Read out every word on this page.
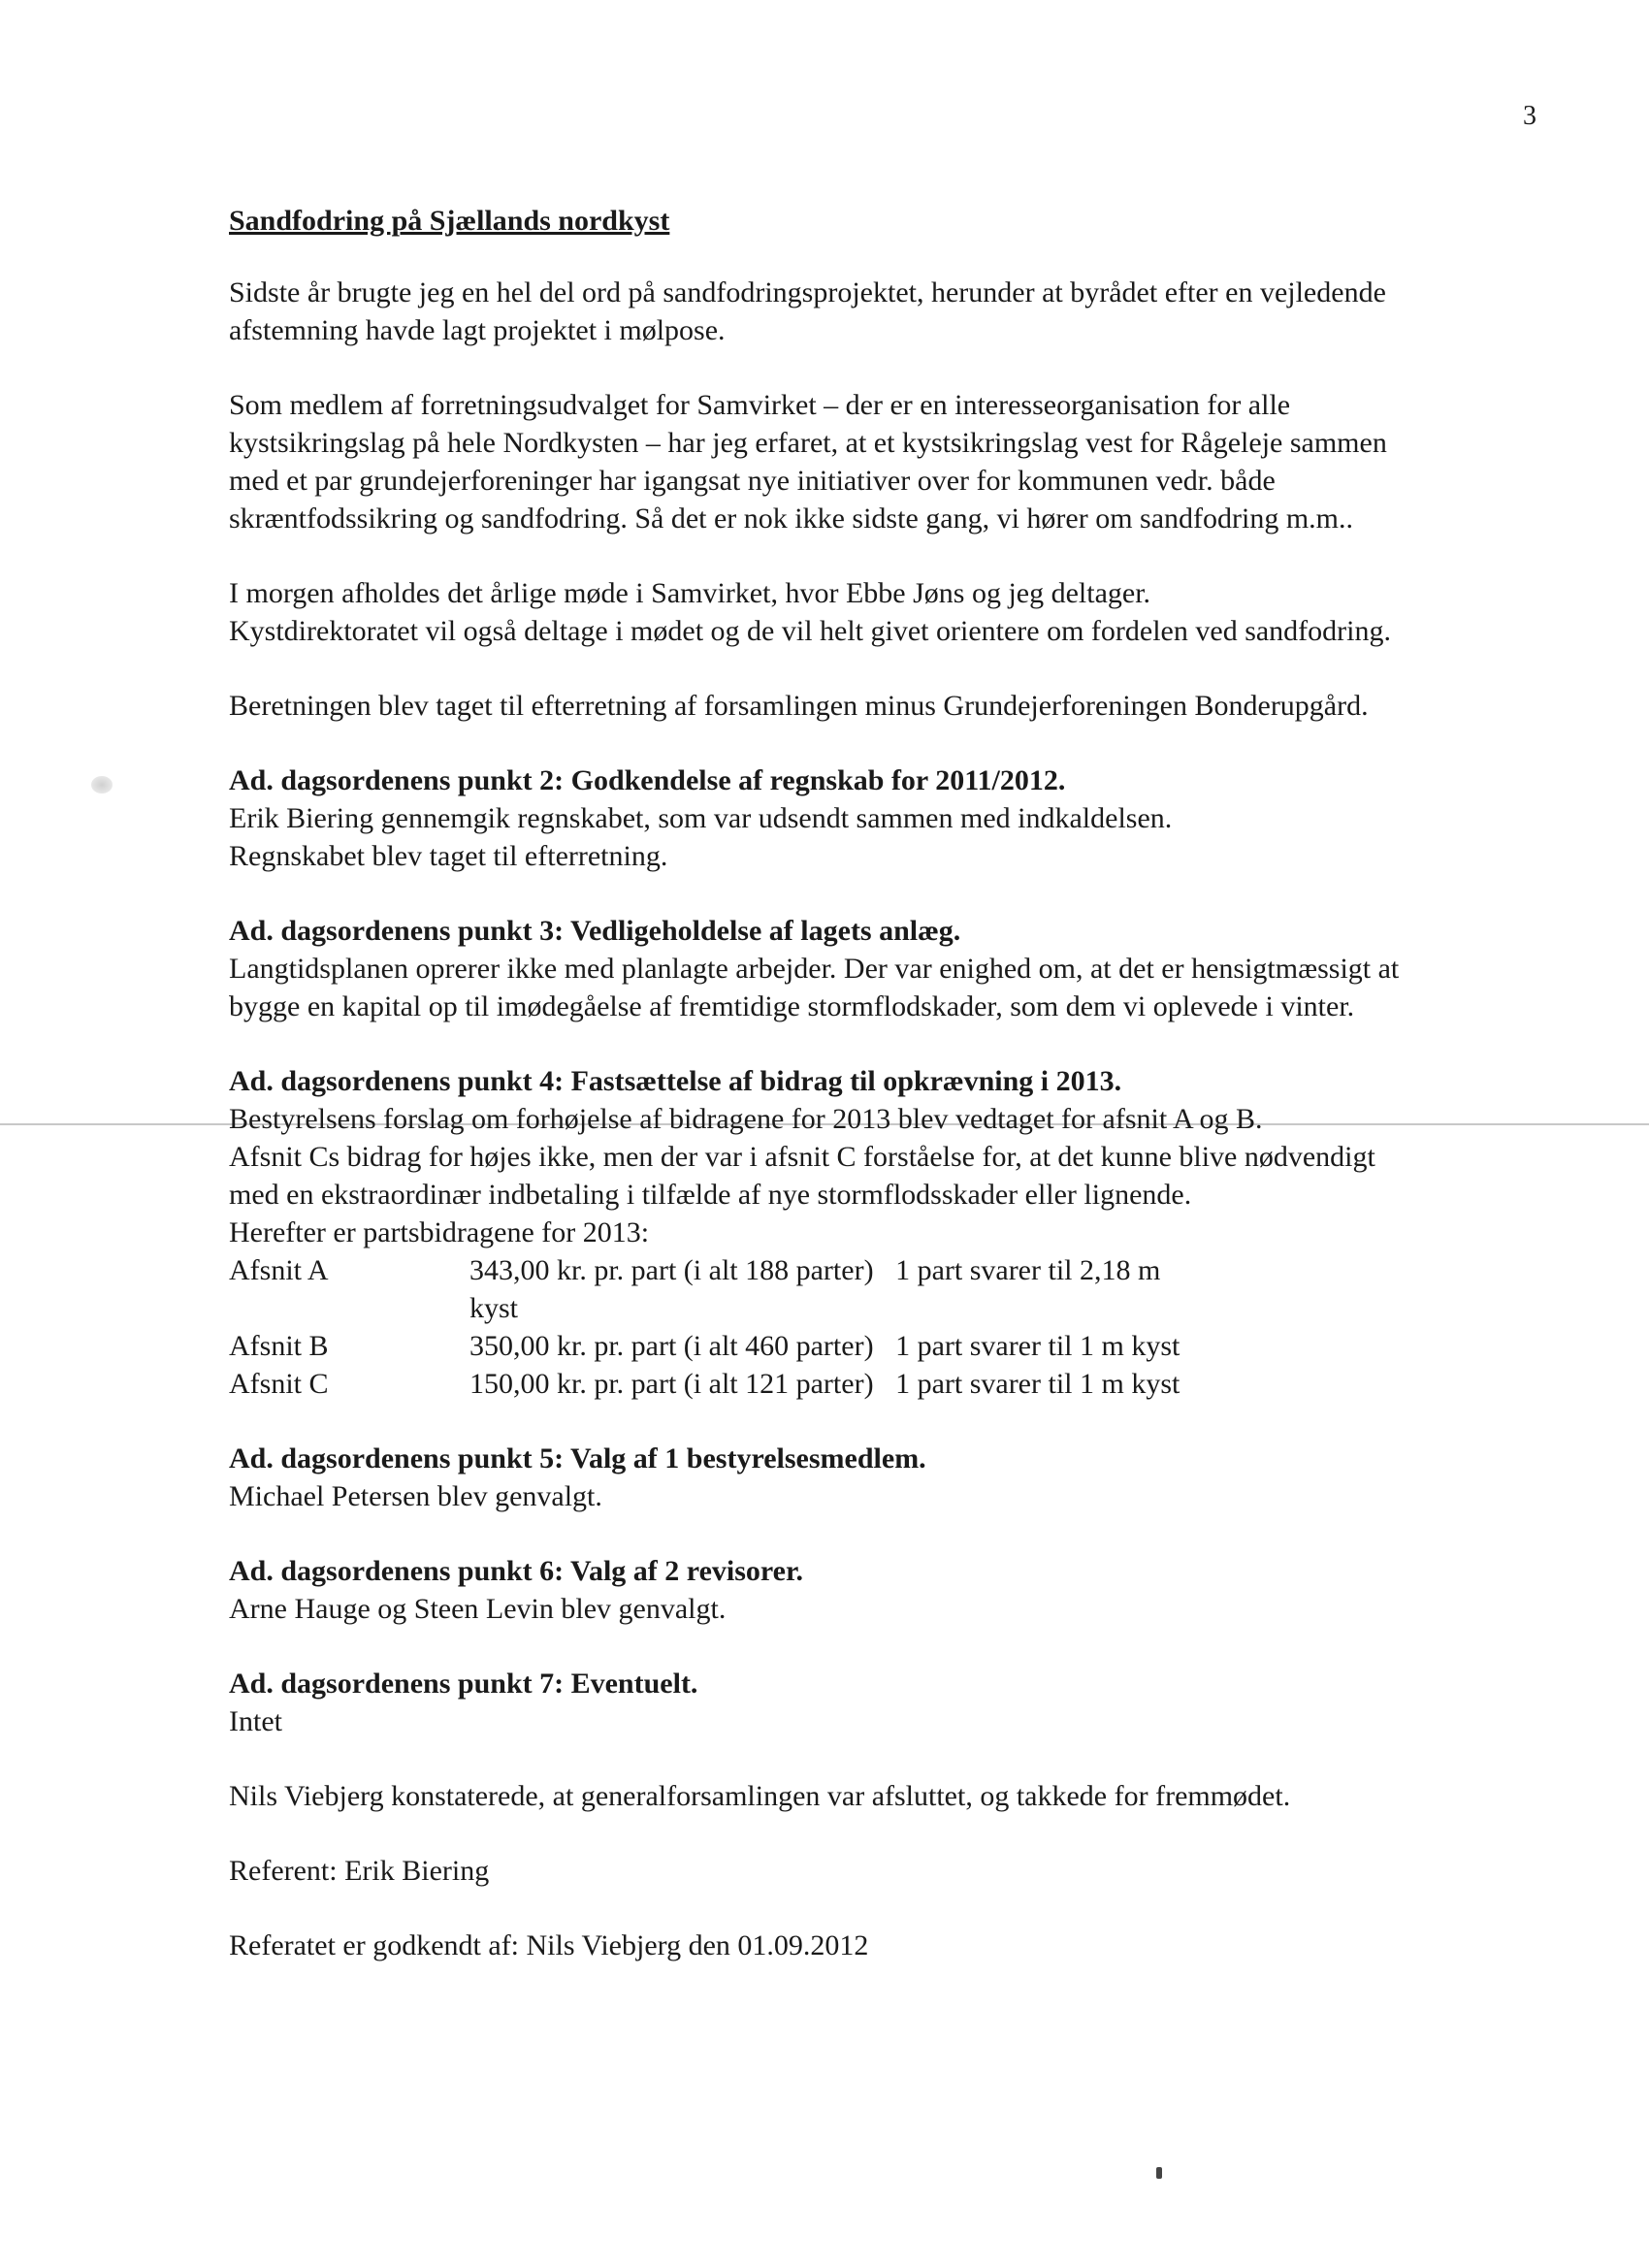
3
Sandfodring på Sjællands nordkyst

Sidste år brugte jeg en hel del ord på sandfodringsprojektet, herunder at byrådet efter en vejledende
afstemning havde lagt projektet i mølpose.

Som medlem af forretningsudvalget for Samvirket – der er en interesseorganisation for alle
kystsikringslag på hele Nordkysten – har jeg erfaret, at et kystsikringslag vest for Rågeleje sammen
med et par grundejerforeninger har igangsat nye initiativer over for kommunen vedr. både
skræntfodssikring og sandfodring. Så det er nok ikke sidste gang, vi hører om sandfodring m.m..

I morgen afholdes det årlige møde i Samvirket, hvor Ebbe Jøns og jeg deltager.
Kystdirektoratet vil også deltage i mødet og de vil helt givet orientere om fordelen ved sandfodring.

Beretningen blev taget til efterretning af forsamlingen minus Grundejerforeningen Bonderupgård.

Ad. dagsordenens punkt 2: Godkendelse af regnskab for 2011/2012.
Erik Biering gennemgik regnskabet, som var udsendt sammen med indkaldelsen.
Regnskabet blev taget til efterretning.
Ad. dagsordenens punkt 3: Vedligeholdelse af lagets anlæg.
Langtidsplanen oprerer ikke med planlagte arbejder. Der var enighed om, at det er hensigtmæssigt at
bygge en kapital op til imødegåelse af fremtidige stormflodskader, som dem vi oplevede i vinter.
Ad. dagsordenens punkt 4: Fastsættelse af bidrag til opkrævning i 2013.
Bestyrelsens forslag om forhøjelse af bidragene for 2013 blev vedtaget for afsnit A og B.
Afsnit Cs bidrag for højes ikke, men der var i afsnit C forståelse for, at det kunne blive nødvendigt
med en ekstraordinær indbetaling i tilfælde af nye stormflodsskader eller lignende.
Herefter er partsbidragene for 2013:
Afsnit A	343,00 kr. pr. part (i alt 188 parter) 1 part svarer til 2,18 m kyst
Afsnit B	350,00 kr. pr. part (i alt 460 parter) 1 part svarer til 1 m kyst
Afsnit C	150,00 kr. pr. part (i alt 121 parter) 1 part svarer til 1 m kyst
Ad. dagsordenens punkt 5: Valg af 1 bestyrelsesmedlem.
Michael Petersen blev genvalgt.
Ad. dagsordenens punkt 6: Valg af 2 revisorer.
Arne Hauge og Steen Levin blev genvalgt.
Ad. dagsordenens punkt 7: Eventuelt.
Intet

Nils Viebjerg konstaterede, at generalforsamlingen var afsluttet, og takkede for fremmødet.

Referent: Erik Biering

Referatet er godkendt af: Nils Viebjerg den 01.09.2012
